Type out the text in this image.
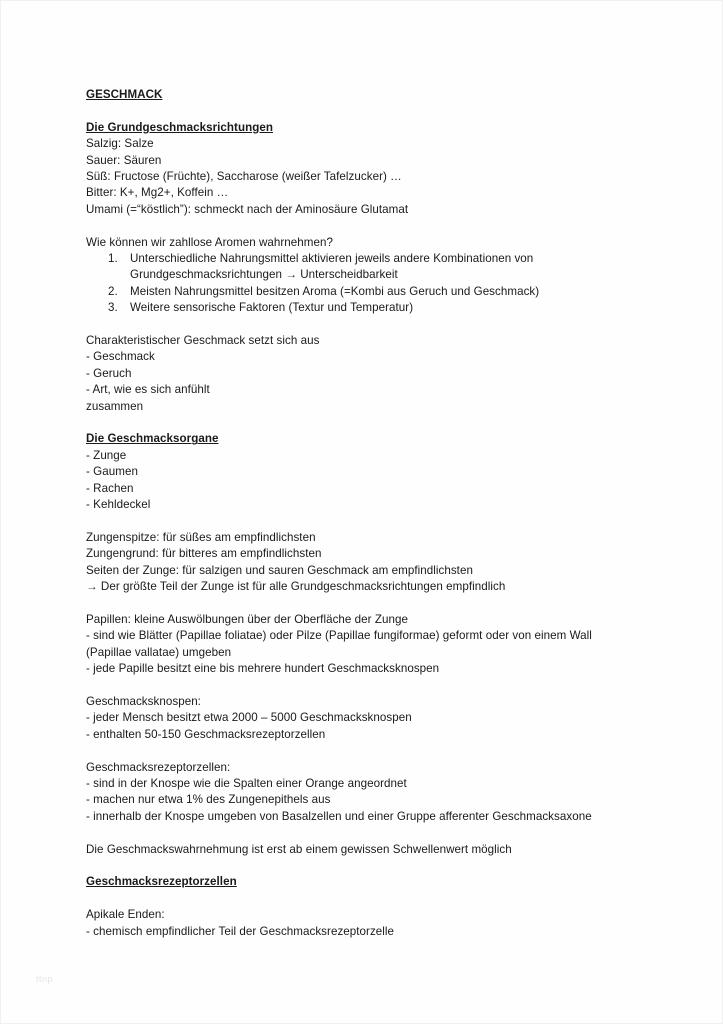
GESCHMACK

Die Grundgeschmacksrichtungen

Salzig: Salze

Sauer: Säuren

Süß: Fructose (Früchte), Saccharose (weißer Tafelzucker) …

Bitter: K+, Mg2+, Koffein …

Umami (=“köstlich”): schmeckt nach der Aminosäure Glutamat

Wie können wir zahllose Aromen wahrnehmen?

1. Unterschiedliche Nahrungsmittel aktivieren jeweils andere Kombinationen von
Grundgeschmacksrichtungen → Unterscheidbarkeit
2. Meisten Nahrungsmittel besitzen Aroma (=Kombi aus Geruch und Geschmack)
3. Weitere sensorische Faktoren (Textur und Temperatur)

Charakteristischer Geschmack setzt sich aus

- Geschmack

- Geruch

- Art, wie es sich anfühlt

zusammen

Die Geschmacksorgane

- Zunge

- Gaumen

- Rachen

- Kehldeckel

Zungenspitze: für süßes am empfindlichsten

Zungengrund: für bitteres am empfindlichsten

Seiten der Zunge: für salzigen und sauren Geschmack am empfindlichsten

→ Der größte Teil der Zunge ist für alle Grundgeschmacksrichtungen empfindlich

Papillen: kleine Auswölbungen über der Oberfläche der Zunge

- sind wie Blätter (Papillae foliatae) oder Pilze (Papillae fungiformae) geformt oder von einem Wall

(Papillae vallatae) umgeben

- jede Papille besitzt eine bis mehrere hundert Geschmacksknospen

Geschmacksknospen:

- jeder Mensch besitzt etwa 2000 – 5000 Geschmacksknospen

- enthalten 50-150 Geschmacksrezeptorzellen

Geschmacksrezeptorzellen:

- sind in der Knospe wie die Spalten einer Orange angeordnet

- machen nur etwa 1% des Zungenepithels aus

- innerhalb der Knospe umgeben von Basalzellen und einer Gruppe afferenter Geschmacksaxone

Die Geschmackswahrnehmung ist erst ab einem gewissen Schwellenwert möglich

Geschmacksrezeptorzellen

Apikale Enden:

- chemisch empfindlicher Teil der Geschmacksrezeptorzelle

ttnp
